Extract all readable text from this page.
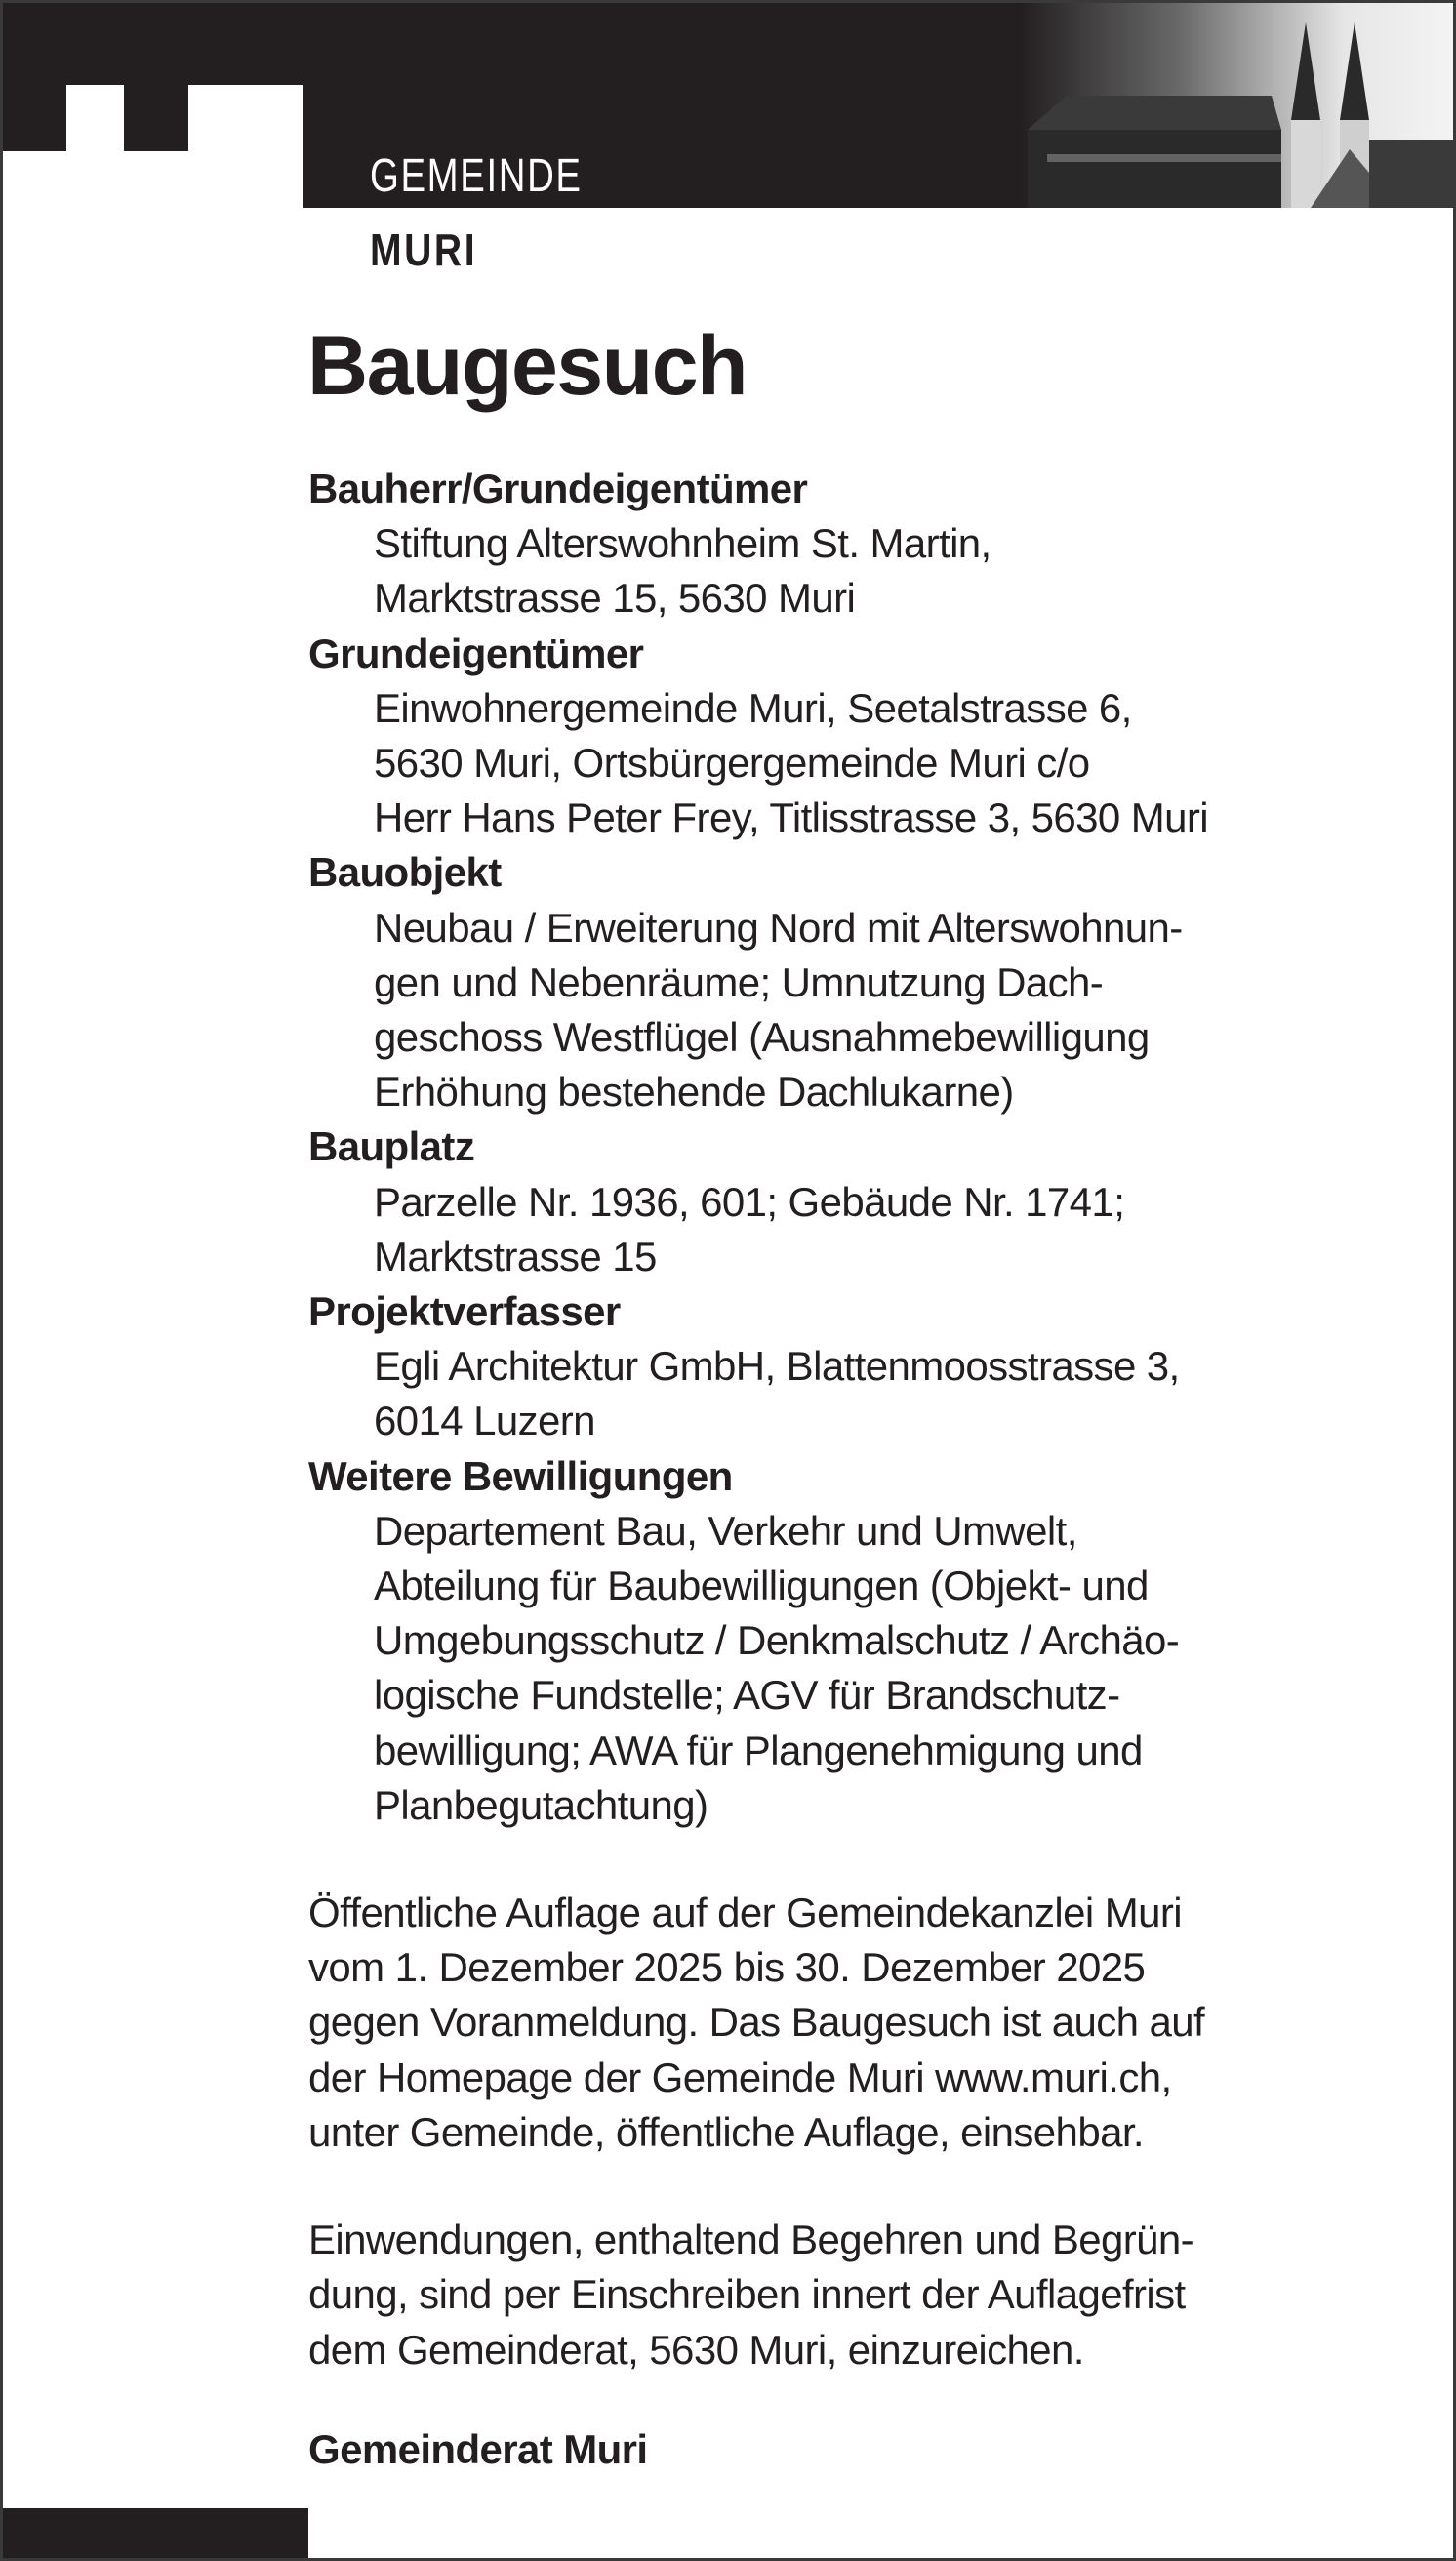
GEMEINDE
MURI
Baugesuch
Bauherr/Grundeigentümer
Stiftung Alterswohnheim St. Martin,
Marktstrasse 15, 5630 Muri
Grundeigentümer
Einwohnergemeinde Muri, Seetalstrasse 6,
5630 Muri, Ortsbürgergemeinde Muri c/o
Herr Hans Peter Frey, Titlisstrasse 3, 5630 Muri
Bauobjekt
Neubau / Erweiterung Nord mit Alterswohnun-
gen und Nebenräume; Umnutzung Dach-
geschoss Westflügel (Ausnahmebewilligung
Erhöhung bestehende Dachlukarne)
Bauplatz
Parzelle Nr. 1936, 601; Gebäude Nr. 1741;
Marktstrasse 15
Projektverfasser
Egli Architektur GmbH, Blattenmoosstrasse 3,
6014 Luzern
Weitere Bewilligungen
Departement Bau, Verkehr und Umwelt,
Abteilung für Baubewilligungen (Objekt- und
Umgebungsschutz / Denkmalschutz / Archäo-
logische Fundstelle; AGV für Brandschutz-
bewilligung; AWA für Plangenehmigung und
Planbegutachtung)
Öffentliche Auflage auf der Gemeindekanzlei Muri
vom 1. Dezember 2025 bis 30. Dezember 2025
gegen Voranmeldung. Das Baugesuch ist auch auf
der Homepage der Gemeinde Muri www.muri.ch,
unter Gemeinde, öffentliche Auflage, einsehbar.
Einwendungen, enthaltend Begehren und Begrün-
dung, sind per Einschreiben innert der Auflagefrist
dem Gemeinderat, 5630 Muri, einzureichen.
Gemeinderat Muri
